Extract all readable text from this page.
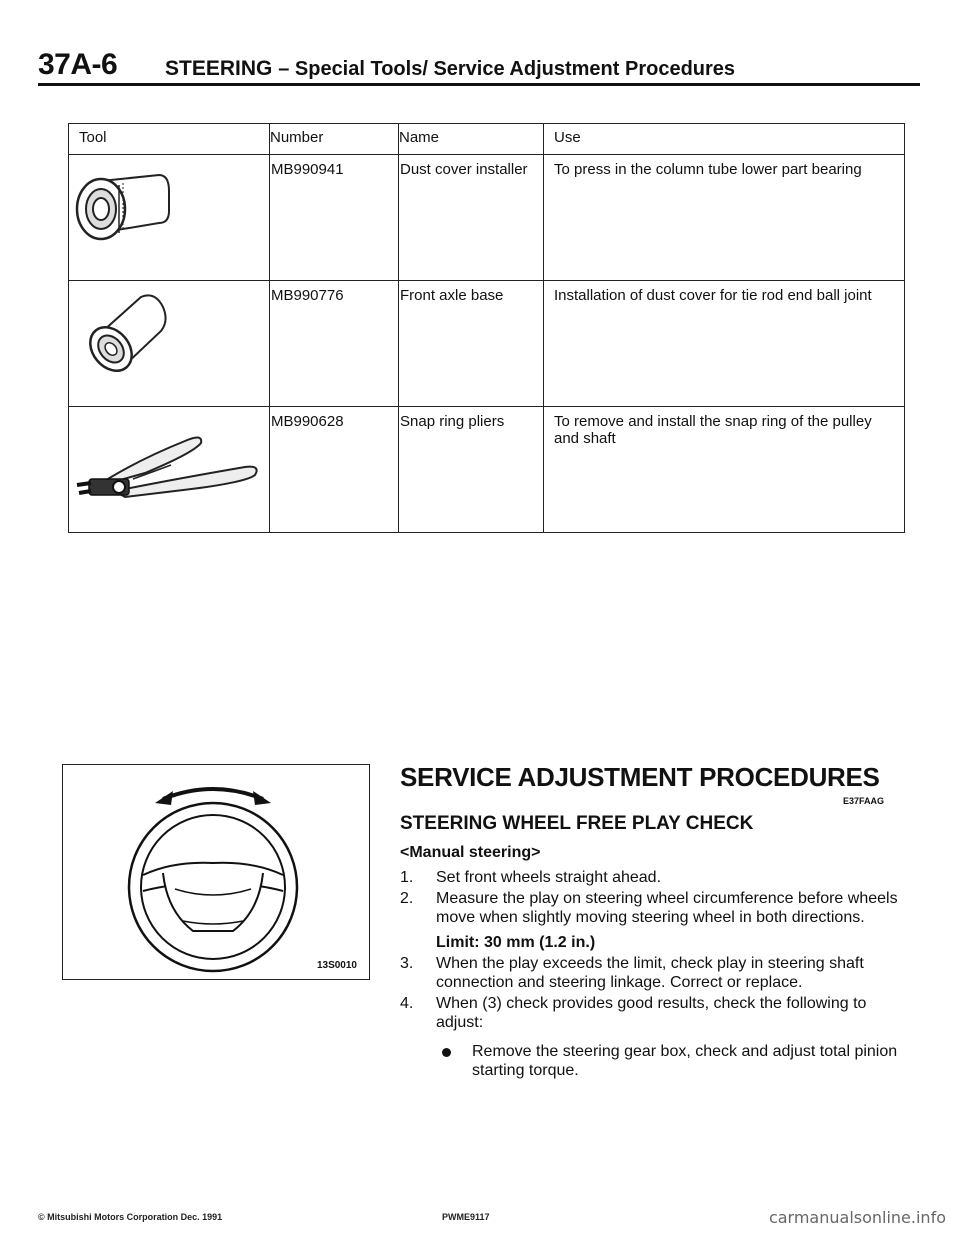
37A-6 STEERING – Special Tools/ Service Adjustment Procedures
Tool	Number	Name	Use

	MB990941	Dust cover installer	To press in the column tube lower part bearing

	MB990776	Front axle base	Installation of dust cover for tie rod end ball joint

	MB990628	Snap ring pliers	To remove and install the snap ring of the pulley and shaft
13S0010
SERVICE ADJUSTMENT PROCEDURES
E37FAAG
STEERING WHEEL FREE PLAY CHECK
<Manual steering>
1. Set front wheels straight ahead.
2. Measure the play on steering wheel circumference before wheels move when slightly moving steering wheel in both directions.
Limit: 30 mm (1.2 in.)
3. When the play exceeds the limit, check play in steering shaft connection and steering linkage. Correct or replace.
4. When (3) check provides good results, check the following to adjust:
Remove the steering gear box, check and adjust total pinion starting torque.
© Mitsubishi Motors Corporation Dec. 1991	PWME9117	carmanualsonline.info
